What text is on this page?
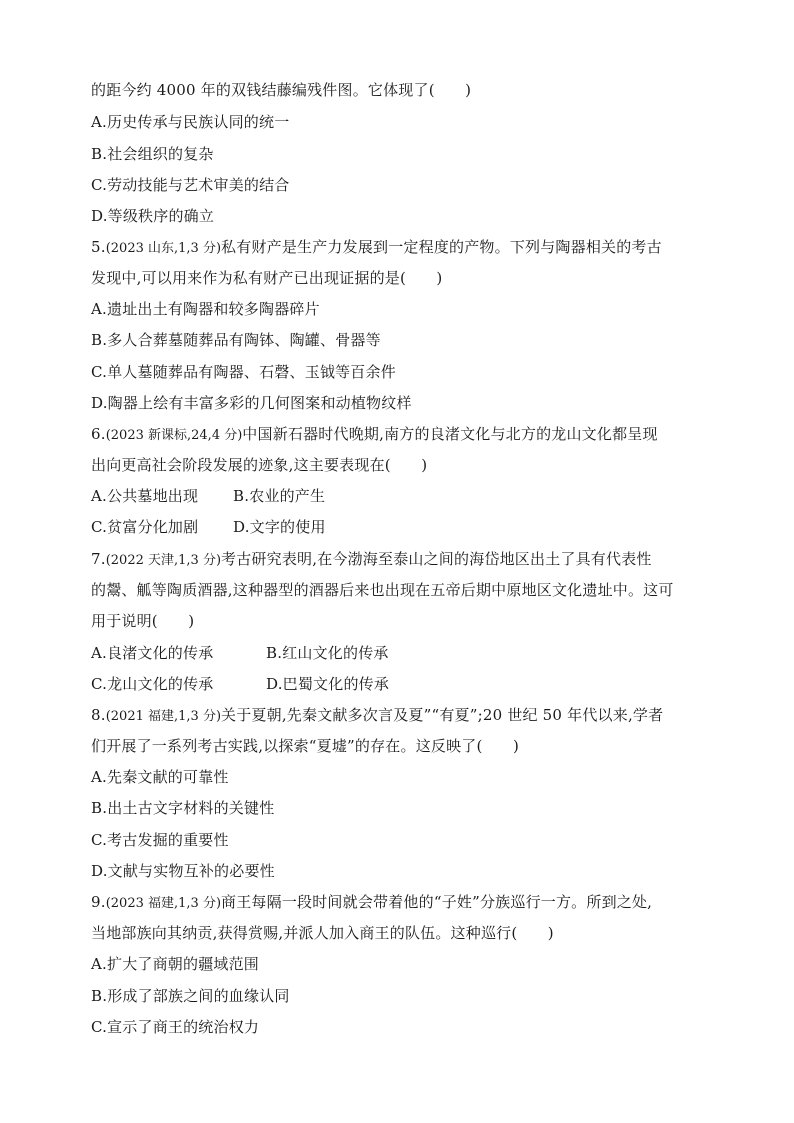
的距今约 4000 年的双钱结藤编残件图。它体现了(　　)
A.历史传承与民族认同的统一
B.社会组织的复杂
C.劳动技能与艺术审美的结合
D.等级秩序的确立
5.(2023 山东,1,3 分)私有财产是生产力发展到一定程度的产物。下列与陶器相关的考古
发现中,可以用来作为私有财产已出现证据的是(　　)
A.遗址出土有陶器和较多陶器碎片
B.多人合葬墓随葬品有陶钵、陶罐、骨器等
C.单人墓随葬品有陶器、石磬、玉钺等百余件
D.陶器上绘有丰富多彩的几何图案和动植物纹样
6.(2023 新课标,24,4 分)中国新石器时代晚期,南方的良渚文化与北方的龙山文化都呈现
出向更高社会阶段发展的迹象,这主要表现在(　　)
A.公共墓地出现 B.农业的产生
C.贫富分化加剧 D.文字的使用
7.(2022 天津,1,3 分)考古研究表明,在今渤海至泰山之间的海岱地区出土了具有代表性
的鬶、觚等陶质酒器,这种器型的酒器后来也出现在五帝后期中原地区文化遗址中。这可
用于说明(　　)
A.良渚文化的传承	B.红山文化的传承
C.龙山文化的传承	D.巴蜀文化的传承
8.(2021 福建,1,3 分)关于夏朝,先秦文献多次言及夏”“有夏”;20 世纪 50 年代以来,学者
们开展了一系列考古实践,以探索“夏墟”的存在。这反映了(　　)
A.先秦文献的可靠性
B.出土古文字材料的关键性
C.考古发掘的重要性
D.文献与实物互补的必要性
9.(2023 福建,1,3 分)商王每隔一段时间就会带着他的“子姓”分族巡行一方。所到之处,
当地部族向其纳贡,获得赏赐,并派人加入商王的队伍。这种巡行(　　)
A.扩大了商朝的疆域范围
B.形成了部族之间的血缘认同
C.宣示了商王的统治权力
